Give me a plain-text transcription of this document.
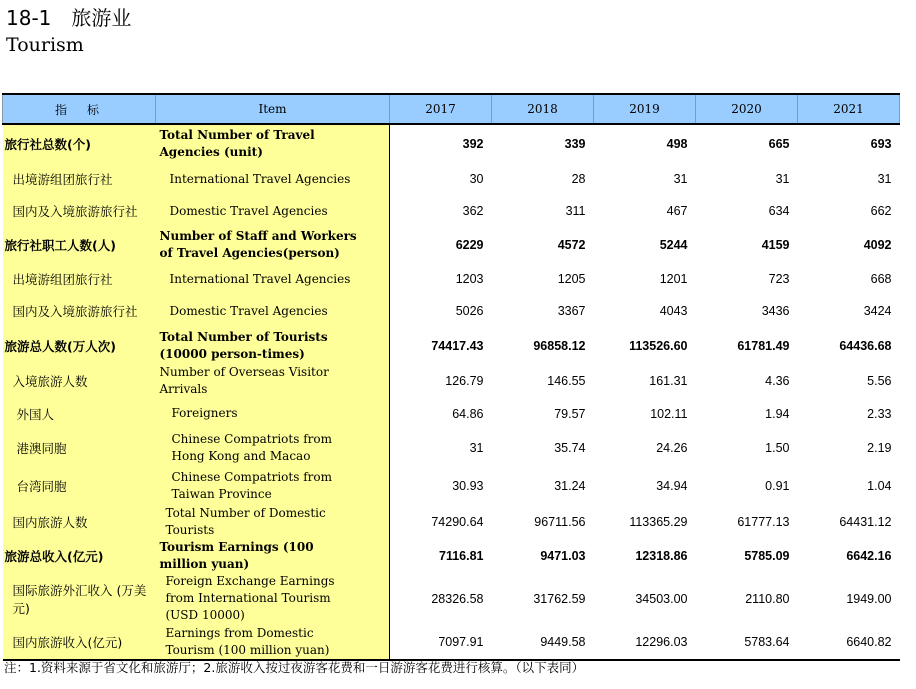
18-1　旅游业
Tourism
指　标	Item	2017	2018	2019	2020	2021
旅行社总数(个)	Total Number of Travel Agencies (unit)	392	339	498	665	693
出境游组团旅行社	International Travel Agencies	30	28	31	31	31
国内及入境旅游旅行社	Domestic Travel Agencies	362	311	467	634	662
旅行社职工人数(人)	Number of Staff and Workers of Travel Agencies(person)	6229	4572	5244	4159	4092
出境游组团旅行社	International Travel Agencies	1203	1205	1201	723	668
国内及入境旅游旅行社	Domestic Travel Agencies	5026	3367	4043	3436	3424
旅游总人数(万人次)	Total Number of Tourists (10000 person-times)	74417.43	96858.12	113526.60	61781.49	64436.68
入境旅游人数	Number of Overseas Visitor Arrivals	126.79	146.55	161.31	4.36	5.56
外国人	Foreigners	64.86	79.57	102.11	1.94	2.33
港澳同胞	Chinese Compatriots from Hong Kong and Macao	31	35.74	24.26	1.50	2.19
台湾同胞	Chinese Compatriots from Taiwan Province	30.93	31.24	34.94	0.91	1.04
国内旅游人数	Total Number of Domestic Tourists	74290.64	96711.56	113365.29	61777.13	64431.12
旅游总收入(亿元)	Tourism Earnings (100 million yuan)	7116.81	9471.03	12318.86	5785.09	6642.16
国际旅游外汇收入 (万美元)	Foreign Exchange Earnings from International Tourism (USD 10000)	28326.58	31762.59	34503.00	2110.80	1949.00
国内旅游收入(亿元)	Earnings from Domestic Tourism (100 million yuan)	7097.91	9449.58	12296.03	5783.64	6640.82
注：1.资料来源于省文化和旅游厅；2.旅游收入按过夜游客花费和一日游游客花费进行核算。（以下表同）
